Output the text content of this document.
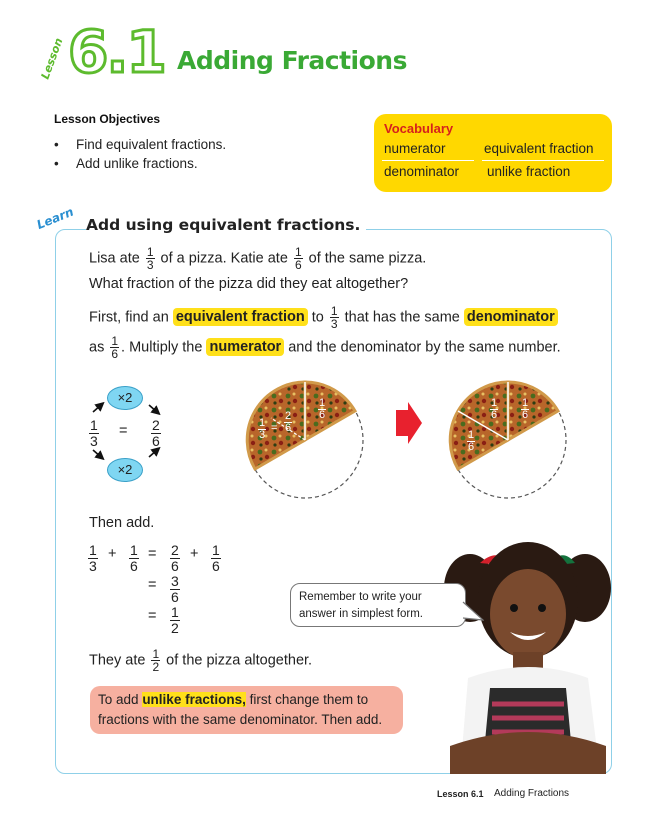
Lesson 6.1 Adding Fractions
Lesson Objectives
• Find equivalent fractions.
• Add unlike fractions.
Vocabulary
numerator	equivalent fraction
denominator unlike fraction
Learn Add using equivalent fractions.
Lisa ate $\frac{1}{3}$ of a pizza. Katie ate $\frac{1}{6}$ of the same pizza.
What fraction of the pizza did they eat altogether?
First, find an equivalent fraction to $\frac{1}{3}$ that has the same denominator
as $\frac{1}{6}$ . Multiply the numerator and the denominator by the same number.
×2
×2
$\frac{1}{3} = \frac{2}{6}$	$\frac{1}{3} = \frac{2}{6}$
$\frac{1}{6}$	$\frac{1}{6} \frac{1}{6}$
$\frac{1}{6}$
Then add.
$\frac{1}{3} + \frac{1}{6} = \frac{2}{6} + \frac{1}{6}$
= $\frac{3}{6}$
= $\frac{1}{2}$
They ate $\frac{1}{2}$ of the pizza altogether.
Remember to write your answer in simplest form.
To add unlike fractions, first change them to fractions with the same denominator. Then add.
Lesson 6.1 Adding Fractions
